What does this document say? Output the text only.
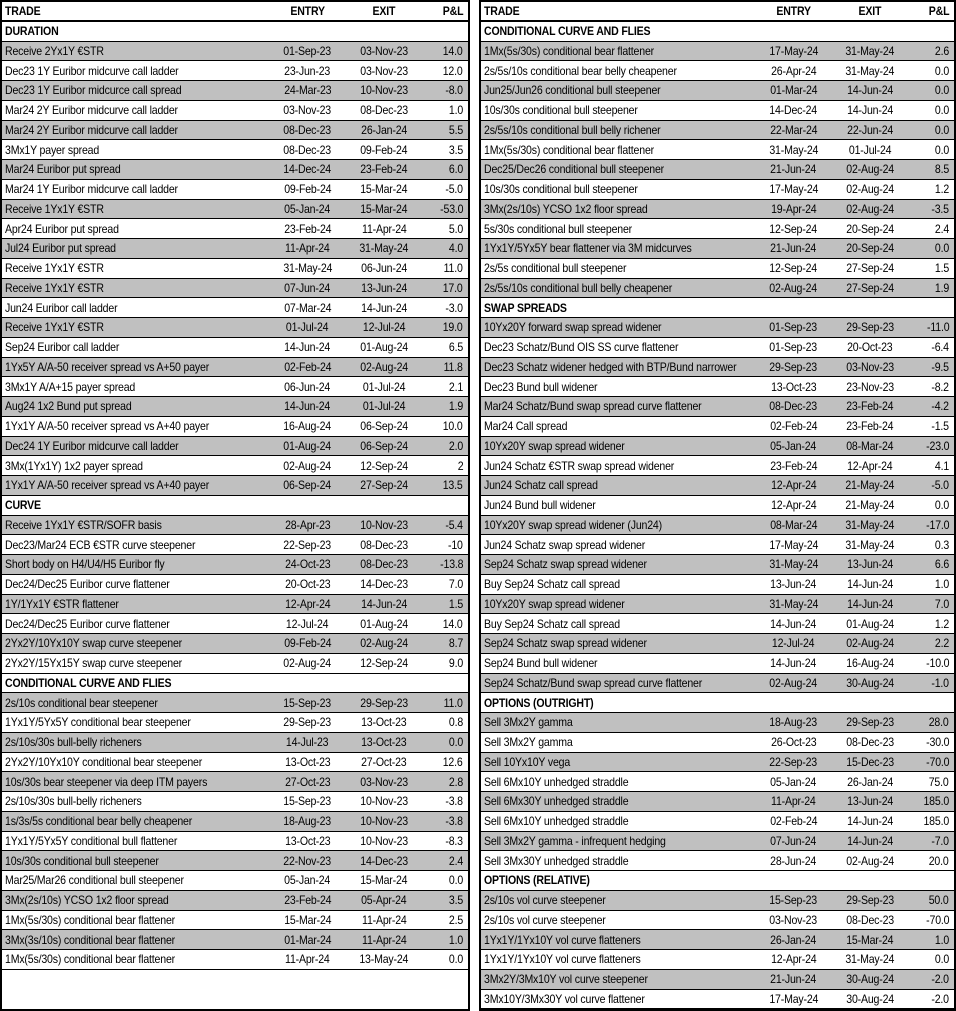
TRADE	ENTRY	EXIT	P&L
DURATION
Receive 2Yx1Y €STR	01-Sep-23	03-Nov-23	14.0
Dec23 1Y Euribor midcurve call ladder	23-Jun-23	03-Nov-23	12.0
Dec23 1Y Euribor midcurce call spread	24-Mar-23	10-Nov-23	-8.0
Mar24 2Y Euribor midcurve call ladder	03-Nov-23	08-Dec-23	1.0
Mar24 2Y Euribor midcurve call ladder	08-Dec-23	26-Jan-24	5.5
3Mx1Y payer spread	08-Dec-23	09-Feb-24	3.5
Mar24 Euribor put spread	14-Dec-24	23-Feb-24	6.0
Mar24 1Y Euribor midcurve call ladder	09-Feb-24	15-Mar-24	-5.0
Receive 1Yx1Y €STR	05-Jan-24	15-Mar-24	-53.0
Apr24 Euribor put spread	23-Feb-24	11-Apr-24	5.0
Jul24 Euribor put spread	11-Apr-24	31-May-24	4.0
Receive 1Yx1Y €STR	31-May-24	06-Jun-24	11.0
Receive 1Yx1Y €STR	07-Jun-24	13-Jun-24	17.0
Jun24 Euribor call ladder	07-Mar-24	14-Jun-24	-3.0
Receive 1Yx1Y €STR	01-Jul-24	12-Jul-24	19.0
Sep24 Euribor call ladder	14-Jun-24	01-Aug-24	6.5
1Yx5Y A/A-50 receiver spread vs A+50 payer	02-Feb-24	02-Aug-24	11.8
3Mx1Y A/A+15 payer spread	06-Jun-24	01-Jul-24	2.1
Aug24 1x2 Bund put spread	14-Jun-24	01-Jul-24	1.9
1Yx1Y A/A-50 receiver spread vs A+40 payer	16-Aug-24	06-Sep-24	10.0
Dec24 1Y Euribor midcurve call ladder	01-Aug-24	06-Sep-24	2.0
3Mx(1Yx1Y) 1x2 payer spread	02-Aug-24	12-Sep-24	2
1Yx1Y A/A-50 receiver spread vs A+40 payer	06-Sep-24	27-Sep-24	13.5
CURVE
Receive 1Yx1Y €STR/SOFR basis	28-Apr-23	10-Nov-23	-5.4
Dec23/Mar24 ECB €STR curve steepener	22-Sep-23	08-Dec-23	-10
Short body on H4/U4/H5 Euribor fly	24-Oct-23	08-Dec-23	-13.8
Dec24/Dec25 Euribor curve flattener	20-Oct-23	14-Dec-23	7.0
1Y/1Yx1Y €STR flattener	12-Apr-24	14-Jun-24	1.5
Dec24/Dec25 Euribor curve flattener	12-Jul-24	01-Aug-24	14.0
2Yx2Y/10Yx10Y swap curve steepener	09-Feb-24	02-Aug-24	8.7
2Yx2Y/15Yx15Y swap curve steepener	02-Aug-24	12-Sep-24	9.0
CONDITIONAL CURVE AND FLIES
2s/10s conditional bear steepener	15-Sep-23	29-Sep-23	11.0
1Yx1Y/5Yx5Y conditional bear steepener	29-Sep-23	13-Oct-23	0.8
2s/10s/30s bull-belly richeners	14-Jul-23	13-Oct-23	0.0
2Yx2Y/10Yx10Y conditional bear steepener	13-Oct-23	27-Oct-23	12.6
10s/30s bear steepener via deep ITM payers	27-Oct-23	03-Nov-23	2.8
2s/10s/30s bull-belly richeners	15-Sep-23	10-Nov-23	-3.8
1s/3s/5s conditional bear belly cheapener	18-Aug-23	10-Nov-23	-3.8
1Yx1Y/5Yx5Y conditional bull flattener	13-Oct-23	10-Nov-23	-8.3
10s/30s conditional bull steepener	22-Nov-23	14-Dec-23	2.4
Mar25/Mar26 conditional bull steepener	05-Jan-24	15-Mar-24	0.0
3Mx(2s/10s) YCSO 1x2 floor spread	23-Feb-24	05-Apr-24	3.5
1Mx(5s/30s) conditional bear flattener	15-Mar-24	11-Apr-24	2.5
3Mx(3s/10s) conditional bear flattener	01-Mar-24	11-Apr-24	1.0
1Mx(5s/30s) conditional bear flattener	11-Apr-24	13-May-24	0.0
TRADE	ENTRY	EXIT	P&L
CONDITIONAL CURVE AND FLIES
1Mx(5s/30s) conditional bear flattener	17-May-24	31-May-24	2.6
2s/5s/10s conditional bear belly cheapener	26-Apr-24	31-May-24	0.0
Jun25/Jun26 conditional bull steepener	01-Mar-24	14-Jun-24	0.0
10s/30s conditional bull steepener	14-Dec-24	14-Jun-24	0.0
2s/5s/10s conditional bull belly richener	22-Mar-24	22-Jun-24	0.0
1Mx(5s/30s) conditional bear flattener	31-May-24	01-Jul-24	0.0
Dec25/Dec26 conditional bull steepener	21-Jun-24	02-Aug-24	8.5
10s/30s conditional bull steepener	17-May-24	02-Aug-24	1.2
3Mx(2s/10s) YCSO 1x2 floor spread	19-Apr-24	02-Aug-24	-3.5
5s/30s conditional bull steepener	12-Sep-24	20-Sep-24	2.4
1Yx1Y/5Yx5Y bear flattener via 3M midcurves	21-Jun-24	20-Sep-24	0.0
2s/5s conditional bull steepener	12-Sep-24	27-Sep-24	1.5
2s/5s/10s conditional bull belly cheapener	02-Aug-24	27-Sep-24	1.9
SWAP SPREADS
10Yx20Y forward swap spread widener	01-Sep-23	29-Sep-23	-11.0
Dec23 Schatz/Bund OIS SS curve flattener	01-Sep-23	20-Oct-23	-6.4
Dec23 Schatz widener hedged with BTP/Bund narrower	29-Sep-23	03-Nov-23	-9.5
Dec23 Bund bull widener	13-Oct-23	23-Nov-23	-8.2
Mar24 Schatz/Bund swap spread curve flattener	08-Dec-23	23-Feb-24	-4.2
Mar24 Call spread	02-Feb-24	23-Feb-24	-1.5
10Yx20Y swap spread widener	05-Jan-24	08-Mar-24	-23.0
Jun24 Schatz €STR swap spread widener	23-Feb-24	12-Apr-24	4.1
Jun24 Schatz call spread	12-Apr-24	21-May-24	-5.0
Jun24 Bund bull widener	12-Apr-24	21-May-24	0.0
10Yx20Y swap spread widener (Jun24)	08-Mar-24	31-May-24	-17.0
Jun24 Schatz swap spread widener	17-May-24	31-May-24	0.3
Sep24 Schatz swap spread widener	31-May-24	13-Jun-24	6.6
Buy Sep24 Schatz call spread	13-Jun-24	14-Jun-24	1.0
10Yx20Y swap spread widener	31-May-24	14-Jun-24	7.0
Buy Sep24 Schatz call spread	14-Jun-24	01-Aug-24	1.2
Sep24 Schatz swap spread widener	12-Jul-24	02-Aug-24	2.2
Sep24 Bund bull widener	14-Jun-24	16-Aug-24	-10.0
Sep24 Schatz/Bund swap spread curve flattener	02-Aug-24	30-Aug-24	-1.0
OPTIONS (OUTRIGHT)
Sell 3Mx2Y gamma	18-Aug-23	29-Sep-23	28.0
Sell 3Mx2Y gamma	26-Oct-23	08-Dec-23	-30.0
Sell 10Yx10Y vega	22-Sep-23	15-Dec-23	-70.0
Sell 6Mx10Y unhedged straddle	05-Jan-24	26-Jan-24	75.0
Sell 6Mx30Y unhedged straddle	11-Apr-24	13-Jun-24	185.0
Sell 6Mx10Y unhedged straddle	02-Feb-24	14-Jun-24	185.0
Sell 3Mx2Y gamma - infrequent hedging	07-Jun-24	14-Jun-24	-7.0
Sell 3Mx30Y unhedged straddle	28-Jun-24	02-Aug-24	20.0
OPTIONS (RELATIVE)
2s/10s vol curve steepener	15-Sep-23	29-Sep-23	50.0
2s/10s vol curve steepener	03-Nov-23	08-Dec-23	-70.0
1Yx1Y/1Yx10Y vol curve flatteners	26-Jan-24	15-Mar-24	1.0
1Yx1Y/1Yx10Y vol curve flatteners	12-Apr-24	31-May-24	0.0
3Mx2Y/3Mx10Y vol curve steepener	21-Jun-24	30-Aug-24	-2.0
3Mx10Y/3Mx30Y vol curve flattener	17-May-24	30-Aug-24	-2.0
